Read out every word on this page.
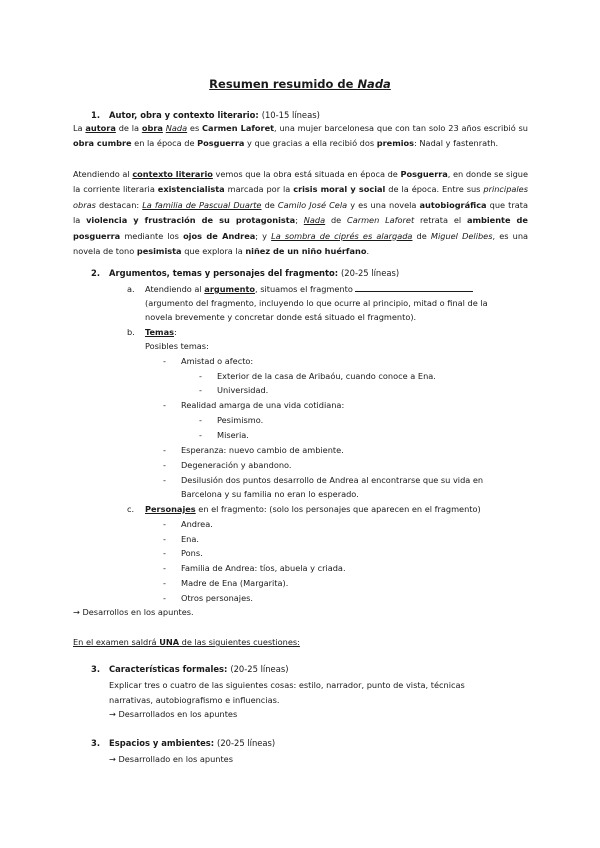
Resumen resumido de Nada
1. Autor, obra y contexto literario: (10-15 líneas)

La autora de la obra Nada es Carmen Laforet, una mujer barcelonesa que con tan solo 23 años escribió su obra cumbre en la época de Posguerra y que gracias a ella recibió dos premios: Nadal y fastenrath.

Atendiendo al contexto literario vemos que la obra está situada en época de Posguerra, en donde se sigue la corriente literaria existencialista marcada por la crisis moral y social de la época. Entre sus principales obras destacan: La familia de Pascual Duarte de Camilo José Cela y es una novela autobiográfica que trata la violencia y frustración de su protagonista; Nada de Carmen Laforet retrata el ambiente de posguerra mediante los ojos de Andrea; y La sombra de ciprés es alargada de Miguel Delibes, es una novela de tono pesimista que explora la niñez de un niño huérfano.

2. Argumentos, temas y personajes del fragmento: (20-25 líneas)
a. Atendiendo al argumento, situamos el fragmento
(argumento del fragmento, incluyendo lo que ocurre al principio, mitad o final de la
novela brevemente y concretar donde está situado el fragmento).
b. Temas:
Posibles temas:
- Amistad o afecto:
- Exterior de la casa de Aribaóu, cuando conoce a Ena.
- Universidad.
- Realidad amarga de una vida cotidiana:
- Pesimismo.
- Miseria.
- Esperanza: nuevo cambio de ambiente.
- Degeneración y abandono.
- Desilusión dos puntos desarrollo de Andrea al encontrarse que su vida en
Barcelona y su familia no eran lo esperado.
c. Personajes en el fragmento: (solo los personajes que aparecen en el fragmento)
- Andrea.
- Ena.
- Pons.
- Familia de Andrea: tíos, abuela y criada.
- Madre de Ena (Margarita).
- Otros personajes.
→ Desarrollos en los apuntes.
En el examen saldrá UNA de las siguientes cuestiones:
3. Características formales: (20-25 líneas)
Explicar tres o cuatro de las siguientes cosas: estilo, narrador, punto de vista, técnicas
narrativas, autobiografismo e influencias.
→ Desarrollados en los apuntes
3. Espacios y ambientes: (20-25 líneas)
→ Desarrollado en los apuntes
